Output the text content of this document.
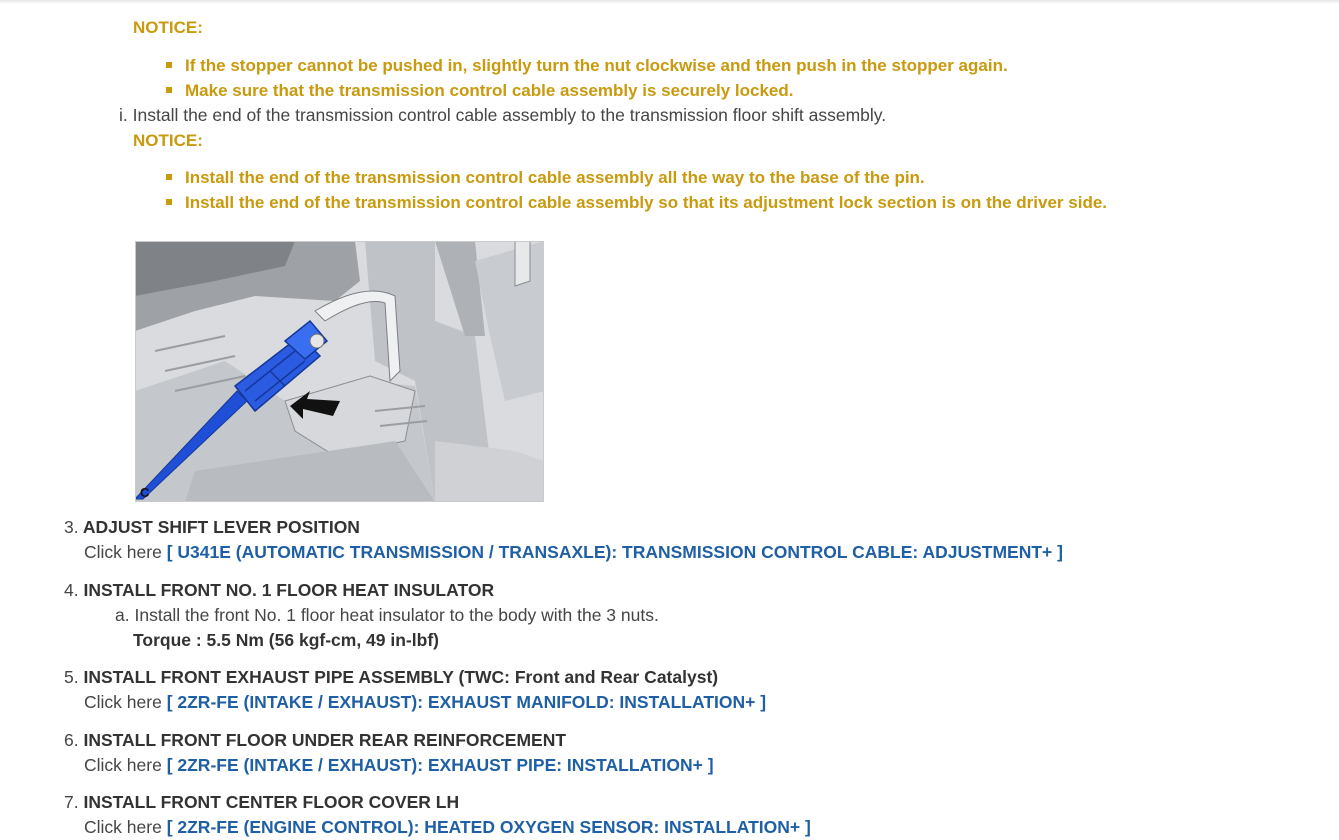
NOTICE:
If the stopper cannot be pushed in, slightly turn the nut clockwise and then push in the stopper again.
Make sure that the transmission control cable assembly is securely locked.
i. Install the end of the transmission control cable assembly to the transmission floor shift assembly.
NOTICE:
Install the end of the transmission control cable assembly all the way to the base of the pin.
Install the end of the transmission control cable assembly so that its adjustment lock section is on the driver side.
C
3. ADJUST SHIFT LEVER POSITION
Click here [ U341E (AUTOMATIC TRANSMISSION / TRANSAXLE): TRANSMISSION CONTROL CABLE: ADJUSTMENT+ ]
4. INSTALL FRONT NO. 1 FLOOR HEAT INSULATOR
a. Install the front No. 1 floor heat insulator to the body with the 3 nuts.
Torque : 5.5 Nm (56 kgf-cm, 49 in-lbf)
5. INSTALL FRONT EXHAUST PIPE ASSEMBLY (TWC: Front and Rear Catalyst)
Click here [ 2ZR-FE (INTAKE / EXHAUST): EXHAUST MANIFOLD: INSTALLATION+ ]
6. INSTALL FRONT FLOOR UNDER REAR REINFORCEMENT
Click here [ 2ZR-FE (INTAKE / EXHAUST): EXHAUST PIPE: INSTALLATION+ ]
7. INSTALL FRONT CENTER FLOOR COVER LH
Click here [ 2ZR-FE (ENGINE CONTROL): HEATED OXYGEN SENSOR: INSTALLATION+ ]
